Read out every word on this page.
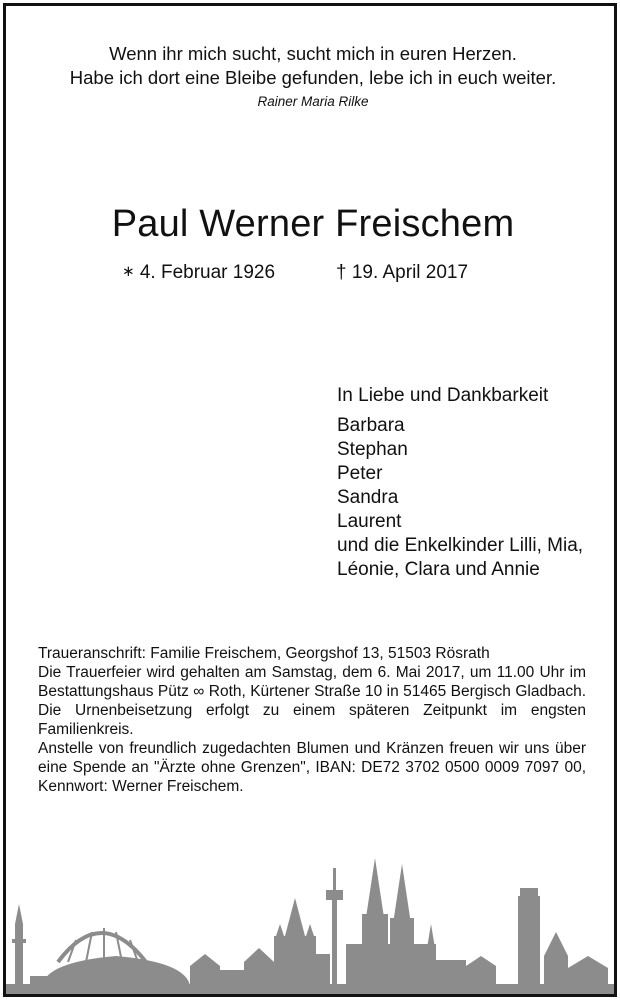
Wenn ihr mich sucht, sucht mich in euren Herzen.
Habe ich dort eine Bleibe gefunden, lebe ich in euch weiter.
Rainer Maria Rilke
Paul Werner Freischem
∗ 4. Februar 1926	† 19. April 2017
In Liebe und Dankbarkeit
Barbara
Stephan
Peter
Sandra
Laurent
und die Enkelkinder Lilli, Mia,
Léonie, Clara und Annie

Traueranschrift: Familie Freischem, Georgshof 13, 51503 Rösrath

Die Trauerfeier wird gehalten am Samstag, dem 6. Mai 2017, um 11.00 Uhr im Bestattungshaus Pütz ∞ Roth, Kürtener Straße 10 in 51465 Bergisch Gladbach. Die Urnenbeisetzung erfolgt zu einem späteren Zeitpunkt im engsten Familienkreis.

Anstelle von freundlich zugedachten Blumen und Kränzen freuen wir uns über eine Spende an "Ärzte ohne Grenzen", IBAN: DE72 3702 0500 0009 7097 00, Kennwort: Werner Freischem.
